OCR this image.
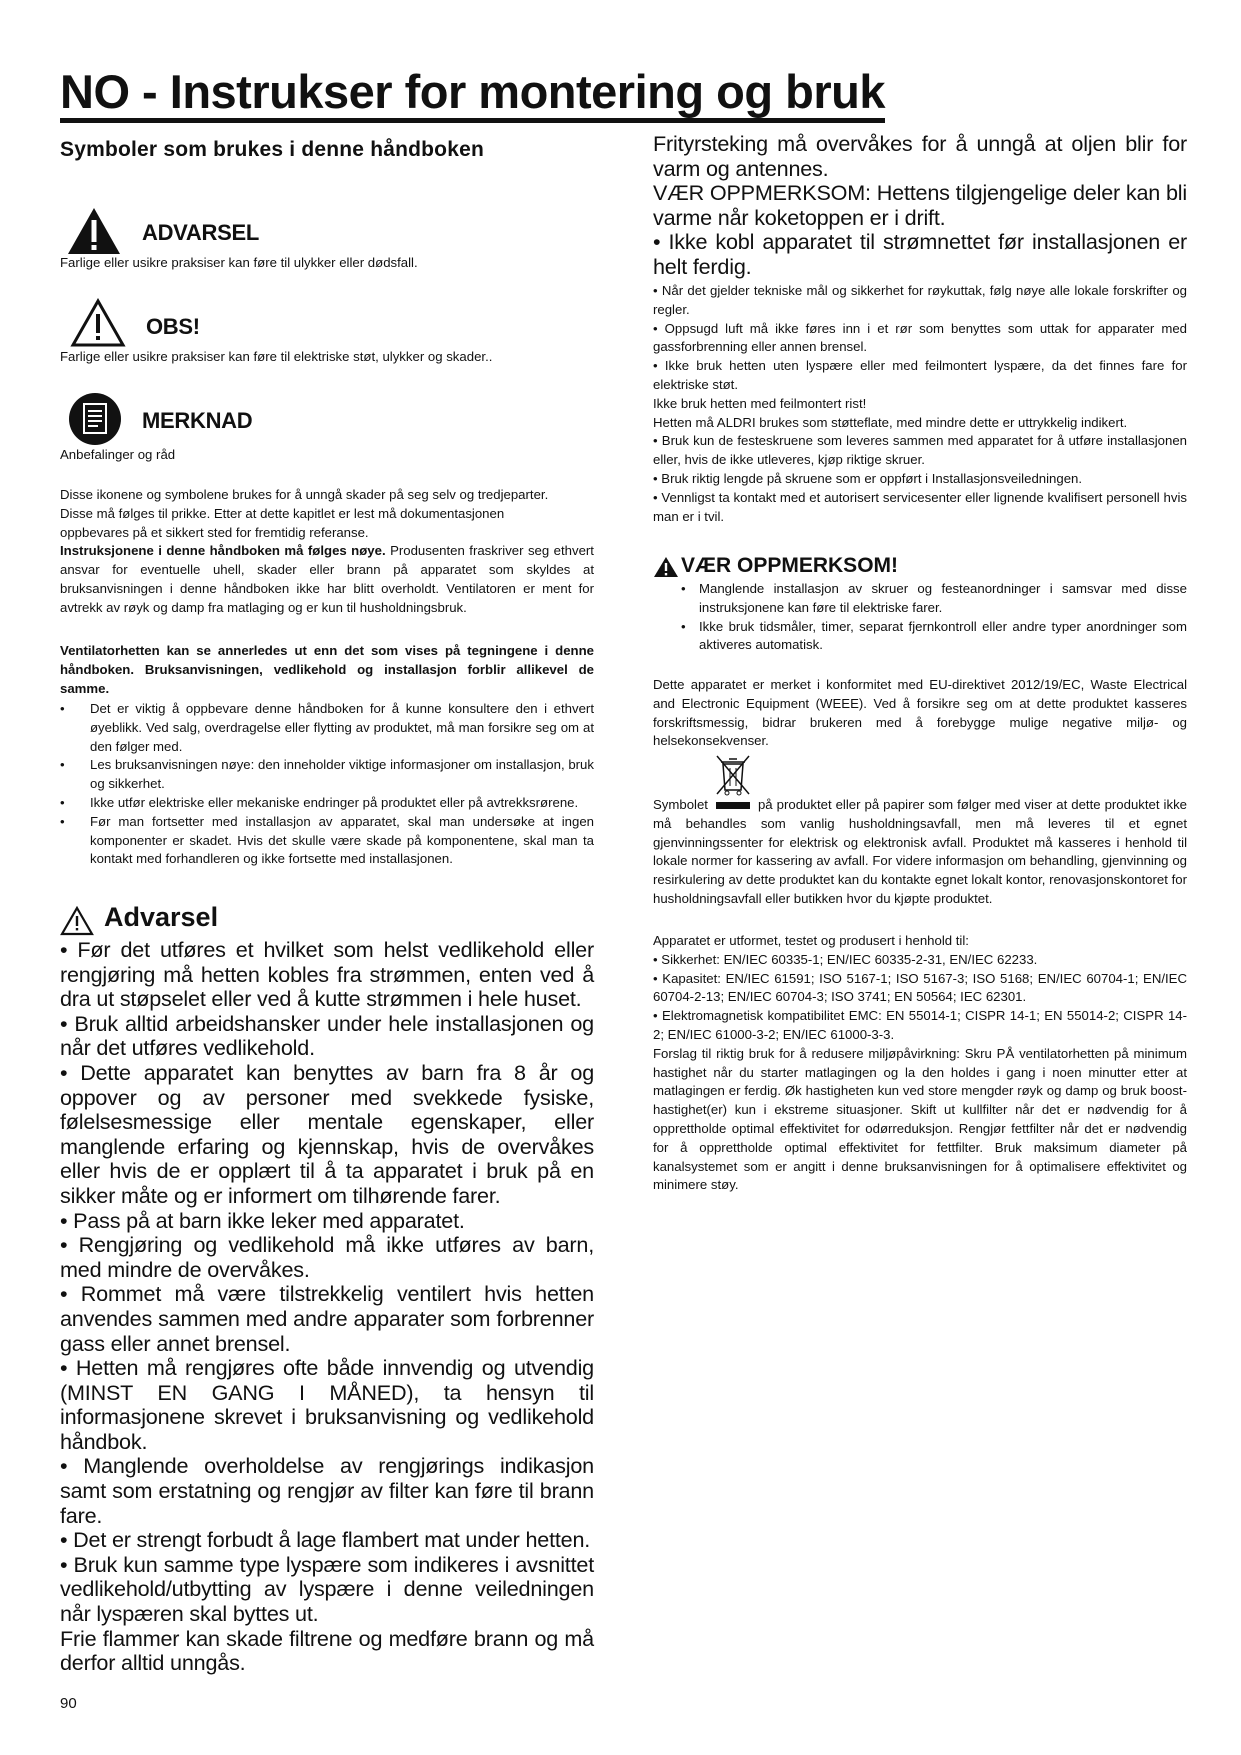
NO - Instrukser for montering og bruk
Symboler som brukes i denne håndboken
ADVARSEL
Farlige eller usikre praksiser kan føre til ulykker eller dødsfall.
OBS!
Farlige eller usikre praksiser kan føre til elektriske støt, ulykker og skader..
MERKNAD
Anbefalinger og råd
Disse ikonene og symbolene brukes for å unngå skader på seg selv og tredjeparter.
Disse må følges til prikke. Etter at dette kapitlet er lest må dokumentasjonen oppbevares på et sikkert sted for fremtidig referanse.
Instruksjonene i denne håndboken må følges nøye. Produsenten fraskriver seg ethvert ansvar for eventuelle uhell, skader eller brann på apparatet som skyldes at bruksanvisningen i denne håndboken ikke har blitt overholdt. Ventilatoren er ment for avtrekk av røyk og damp fra matlaging og er kun til husholdningsbruk.
Ventilatorhetten kan se annerledes ut enn det som vises på tegningene i denne håndboken. Bruksanvisningen, vedlikehold og installasjon forblir allikevel de samme.
• Det er viktig å oppbevare denne håndboken for å kunne konsultere den i ethvert øyeblikk. Ved salg, overdragelse eller flytting av produktet, må man forsikre seg om at den følger med.
• Les bruksanvisningen nøye: den inneholder viktige informasjoner om installasjon, bruk og sikkerhet.
• Ikke utfør elektriske eller mekaniske endringer på produktet eller på avtrekksrørene.
• Før man fortsetter med installasjon av apparatet, skal man undersøke at ingen komponenter er skadet. Hvis det skulle være skade på komponentene, skal man ta kontakt med forhandleren og ikke fortsette med installasjonen.
Advarsel
• Før det utføres et hvilket som helst vedlikehold eller rengjøring må hetten kobles fra strømmen, enten ved å dra ut støpselet eller ved å kutte strømmen i hele huset.
• Bruk alltid arbeidshansker under hele installasjonen og når det utføres vedlikehold.
• Dette apparatet kan benyttes av barn fra 8 år og oppover og av personer med svekkede fysiske, følelsesmessige eller mentale egenskaper, eller manglende erfaring og kjennskap, hvis de overvåkes eller hvis de er opplært til å ta apparatet i bruk på en sikker måte og er informert om tilhørende farer.
• Pass på at barn ikke leker med apparatet.
• Rengjøring og vedlikehold må ikke utføres av barn, med mindre de overvåkes.
• Rommet må være tilstrekkelig ventilert hvis hetten anvendes sammen med andre apparater som forbrenner gass eller annet brensel.
• Hetten må rengjøres ofte både innvendig og utvendig (MINST EN GANG I MÅNED), ta hensyn til informasjonene skrevet i bruksanvisning og vedlikehold håndbok.
• Manglende overholdelse av rengjørings indikasjon samt som erstatning og rengjør av filter kan føre til brann fare.
• Det er strengt forbudt å lage flambert mat under hetten.
• Bruk kun samme type lyspære som indikeres i avsnittet vedlikehold/utbytting av lyspære i denne veiledningen når lyspæren skal byttes ut.
Frie flammer kan skade filtrene og medføre brann og må derfor alltid unngås.
Frityrsteking må overvåkes for å unngå at oljen blir for varm og antennes.
VÆR OPPMERKSOM: Hettens tilgjengelige deler kan bli varme når koketoppen er i drift.
• Ikke kobl apparatet til strømnettet før installasjonen er helt ferdig.
• Når det gjelder tekniske mål og sikkerhet for røykuttak, følg nøye alle lokale forskrifter og regler.
• Oppsugd luft må ikke føres inn i et rør som benyttes som uttak for apparater med gassforbrenning eller annen brensel.
• Ikke bruk hetten uten lyspære eller med feilmontert lyspære, da det finnes fare for elektriske støt.
Ikke bruk hetten med feilmontert rist!
Hetten må ALDRI brukes som støtteflate, med mindre dette er uttrykkelig indikert.
• Bruk kun de festeskruene som leveres sammen med apparatet for å utføre installasjonen eller, hvis de ikke utleveres, kjøp riktige skruer.
• Bruk riktig lengde på skruene som er oppført i Installasjonsveiledningen.
• Vennligst ta kontakt med et autorisert servicesenter eller lignende kvalifisert personell hvis man er i tvil.
VÆR OPPMERKSOM!
• Manglende installasjon av skruer og festeanordninger i samsvar med disse instruksjonene kan føre til elektriske farer.
• Ikke bruk tidsmåler, timer, separat fjernkontroll eller andre typer anordninger som aktiveres automatisk.
Dette apparatet er merket i konformitet med EU-direktivet 2012/19/EC, Waste Electrical and Electronic Equipment (WEEE). Ved å forsikre seg om at dette produktet kasseres forskriftsmessig, bidrar brukeren med å forebygge mulige negative miljø- og helsekonsekvenser.
Symbolet	på produktet eller på papirer som følger med viser at dette produktet ikke må behandles som vanlig husholdningsavfall, men må leveres til et egnet gjenvinningssenter for elektrisk og elektronisk avfall. Produktet må kasseres i henhold til lokale normer for kassering av avfall. For videre informasjon om behandling, gjenvinning og resirkulering av dette produktet kan du kontakte egnet lokalt kontor, renovasjonskontoret for husholdningsavfall eller butikken hvor du kjøpte produktet.
Apparatet er utformet, testet og produsert i henhold til:
• Sikkerhet: EN/IEC 60335-1; EN/IEC 60335-2-31, EN/IEC 62233.
• Kapasitet: EN/IEC 61591; ISO 5167-1; ISO 5167-3; ISO 5168; EN/IEC 60704-1; EN/IEC 60704-2-13; EN/IEC 60704-3; ISO 3741; EN 50564; IEC 62301.
• Elektromagnetisk kompatibilitet EMC: EN 55014-1; CISPR 14-1; EN 55014-2; CISPR 14-2; EN/IEC 61000-3-2; EN/IEC 61000-3-3.
Forslag til riktig bruk for å redusere miljøpåvirkning: Skru PÅ ventilatorhetten på minimum hastighet når du starter matlagingen og la den holdes i gang i noen minutter etter at matlagingen er ferdig. Øk hastigheten kun ved store mengder røyk og damp og bruk boost-hastighet(er) kun i ekstreme situasjoner. Skift ut kullfilter når det er nødvendig for å opprettholde optimal effektivitet for odørreduksjon. Rengjør fettfilter når det er nødvendig for å opprettholde optimal effektivitet for fettfilter. Bruk maksimum diameter på kanalsystemet som er angitt i denne bruksanvisningen for å optimalisere effektivitet og minimere støy.
90
